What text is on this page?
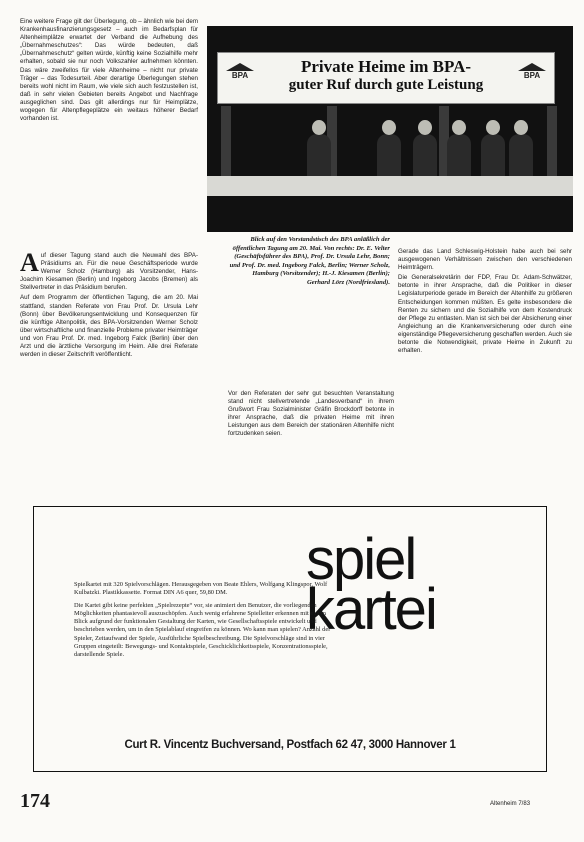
Eine weitere Frage gilt der Überlegung, ob – ähnlich wie bei dem Krankenhausfinanzierungsgesetz – auch im Bedarfsplan für Altenheimplätze erwartet der Verband die Aufhebung des „Übernahmeschutzes“: Das würde bedeuten, daß „Übernahmeschutz“ gelten würde, künftig keine Sozialhilfe mehr erhalten, sobald sie nur noch Volkszahler aufnehmen könnten. Das wäre zweifellos für viele Altenheime – nicht nur private Träger – das Todesurteil. Aber derartige Überlegungen stehen bereits wohl nicht im Raum, wie viele sich auch festzustellen ist, daß in sehr vielen Gebieten bereits Angebot und Nachfrage ausgeglichen sind. Das gilt allerdings nur für Heimplätze, wogegen für Altenpflegeplätze ein weitaus höherer Bedarf vorhanden ist.

Auf dieser Tagung stand auch die Neuwahl des BPA-Präsidiums an. Für die neue Geschäftsperiode wurde Werner Scholz (Hamburg) als Vorsitzender, Hans-Joachim Kiesamen (Berlin) und Ingeborg Jacobs (Bremen) als Stellvertreter in das Präsidium berufen.

Auf dem Programm der öffentlichen Tagung, die am 20. Mai stattfand, standen Referate von Frau Prof. Dr. Ursula Lehr (Bonn) über Bevölkerungsentwicklung und Konsequenzen für die künftige Altenpolitik, des BPA-Vorsitzenden Werner Scholz über wirtschaftliche und finanzielle Probleme privater Heimträger und von Frau Prof. Dr. med. Ingeborg Falck (Berlin) über den Arzt und die ärztliche Versorgung im Heim. Alle drei Referate werden in dieser Zeitschrift veröffentlicht.

BPA	Private Heime im BPA-
guter Ruf durch gute Leistung
BPA
Blick auf den Vorstandstisch des BPA anläßlich der öffentlichen Tagung am 20. Mai. Von rechts: Dr. E. Velter (Geschäftsführer des BPA), Prof. Dr. Ursula Lehr, Bonn; und Prof. Dr. med. Ingeborg Falck, Berlin; Werner Scholz, Hamburg (Vorsitzender); H.-J. Kiesamen (Berlin); Gerhard Lörz (Nordfriesland).

Vor den Referaten der sehr gut besuchten Veranstaltung stand nicht stellvertretende „Landesverband“ in ihrem Grußwort Frau Sozialminister Gräfin Brockdorff betonte in ihrer Ansprache, daß die privaten Heime mit ihren Leistungen aus dem Bereich der stationären Altenhilfe nicht fortzudenken seien.

Gerade das Land Schleswig-Holstein habe auch bei sehr ausgewogenen Verhältnissen zwischen den verschiedenen Heimträgern.

Die Generalsekretärin der FDP, Frau Dr. Adam-Schwätzer, betonte in ihrer Ansprache, daß die Politiker in dieser Legislaturperiode gerade im Bereich der Altenhilfe zu größeren Entscheidungen kommen müßten. Es gelte insbesondere die Renten zu sichern und die Sozialhilfe von dem Kostendruck der Pflege zu entlasten. Man ist sich bei der Absicherung einer Angleichung an die Krankenversicherung oder durch eine eigenständige Pflegeversicherung geschaffen werden. Auch sie betonte die Notwendigkeit, private Heime in Zukunft zu erhalten.

spiel
kartei

Spielkartei mit 320 Spielvorschlägen. Herausgegeben von Beate Ehlers, Wolfgang Klingspor, Wolf Kulbatzki. Plastikkassette. Format DIN A6 quer, 59,80 DM.

Die Kartei gibt keine perfekten „Spielrezepte“ vor, sie animiert den Benutzer, die vorliegenden Möglichkeiten phantasievoll auszuschöpfen. Auch wenig erfahrene Spielleiter erkennen mit einem Blick aufgrund der funktionalen Gestaltung der Karten, wie Gesellschaftsspiele entwickelt und beschrieben werden, um in den Spielablauf eingreifen zu können. Wo kann man spielen? Anzahl der Spieler, Zeitaufwand der Spiele, Ausführliche Spielbeschreibung. Die Spielvorschläge sind in vier Gruppen eingeteilt: Bewegungs- und Kontaktspiele, Geschicklichkeitsspiele, Konzentrationsspiele, darstellende Spiele.

Curt R. Vincentz Buchversand, Postfach 62 47, 3000 Hannover 1
174	Altenheim 7/83
